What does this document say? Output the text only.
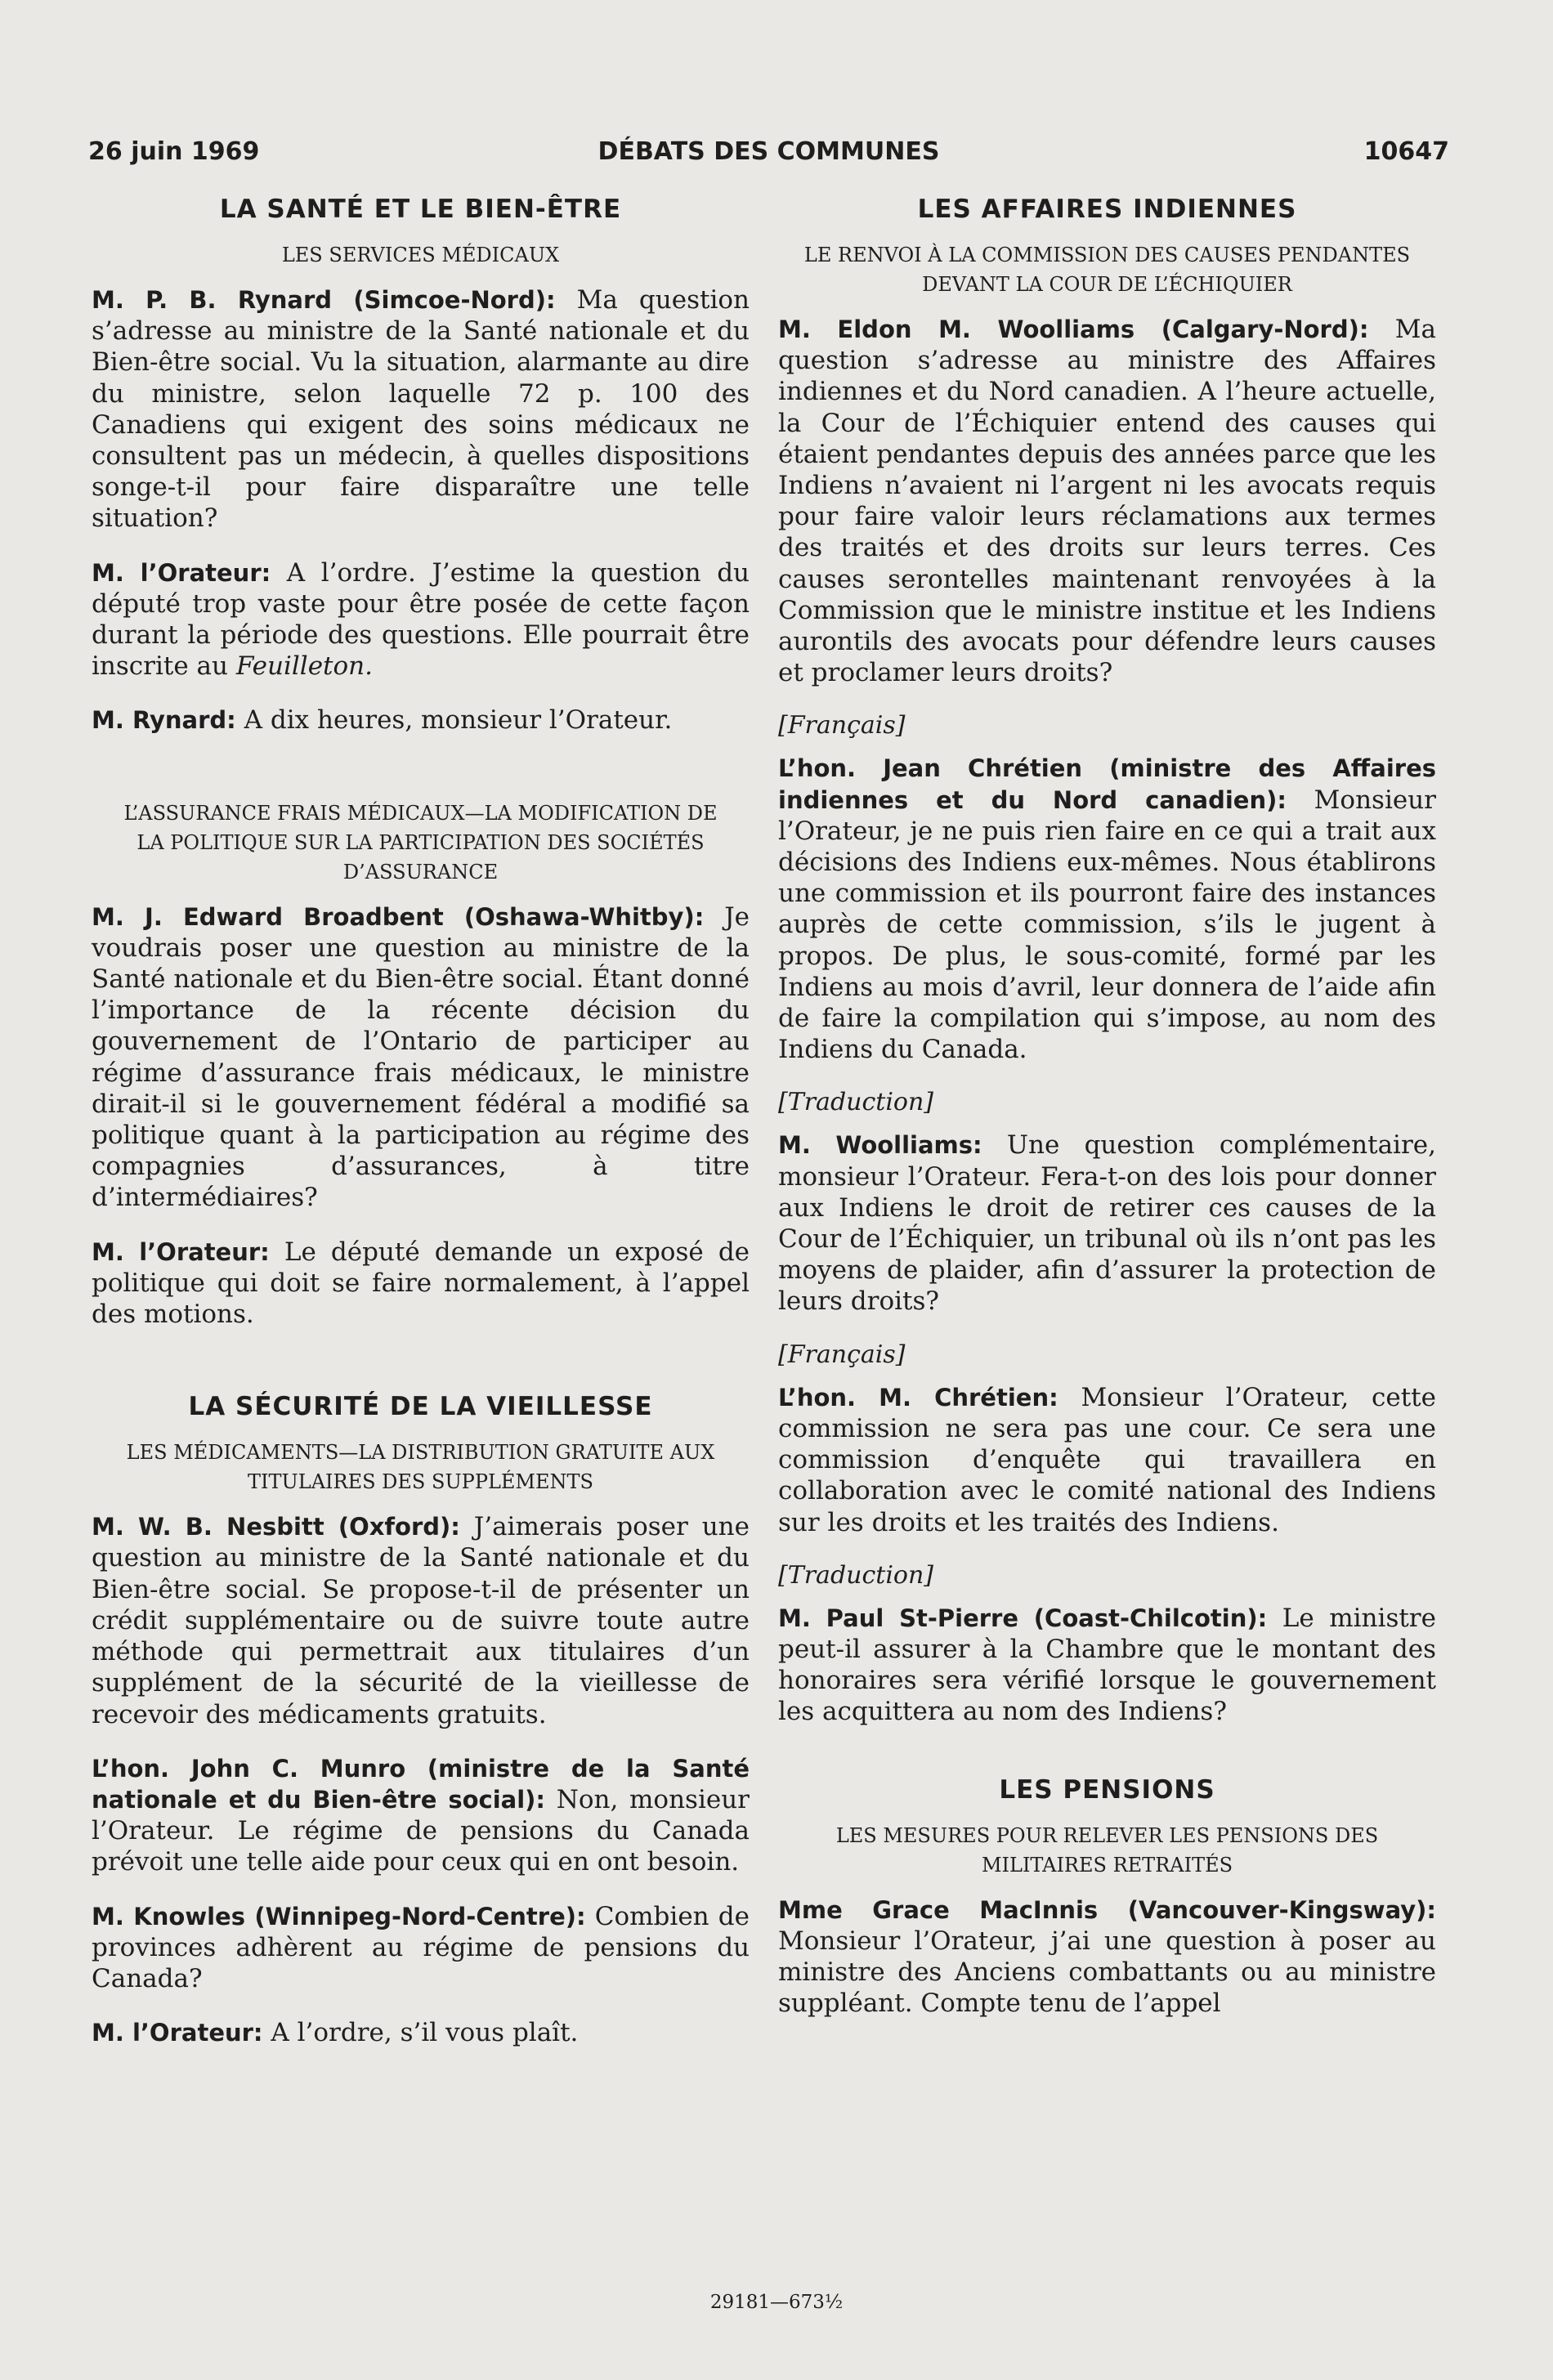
26 juin 1969	DÉBATS DES COMMUNES	10647
LA SANTÉ ET LE BIEN-ÊTRE
LES SERVICES MÉDICAUX
M. P. B. Rynard (Simcoe-Nord): Ma question s’adresse au ministre de la Santé nationale et du Bien-être social. Vu la situation, alarmante au dire du ministre, selon laquelle 72 p. 100 des Canadiens qui exigent des soins médicaux ne consultent pas un médecin, à quelles dispositions songe-t-il pour faire disparaître une telle situation?
M. l’Orateur: A l’ordre. J’estime la question du député trop vaste pour être posée de cette façon durant la période des questions. Elle pourrait être inscrite au Feuilleton.
M. Rynard: A dix heures, monsieur l’Orateur.
L’ASSURANCE FRAIS MÉDICAUX—LA MODIFICATION DE LA POLITIQUE SUR LA PARTICIPATION DES SOCIÉTÉS D’ASSURANCE
M. J. Edward Broadbent (Oshawa-Whitby): Je voudrais poser une question au ministre de la Santé nationale et du Bien-être social. Étant donné l’importance de la récente décision du gouvernement de l’Ontario de participer au régime d’assurance frais médicaux, le ministre dirait-il si le gouvernement fédéral a modifié sa politique quant à la participation au régime des compagnies d’assurances, à titre d’intermédiaires?
M. l’Orateur: Le député demande un exposé de politique qui doit se faire normalement, à l’appel des motions.
LA SÉCURITÉ DE LA VIEILLESSE
LES MÉDICAMENTS—LA DISTRIBUTION GRATUITE AUX TITULAIRES DES SUPPLÉMENTS
M. W. B. Nesbitt (Oxford): J’aimerais poser une question au ministre de la Santé nationale et du Bien-être social. Se propose-t-il de présenter un crédit supplémentaire ou de suivre toute autre méthode qui permettrait aux titulaires d’un supplément de la sécurité de la vieillesse de recevoir des médicaments gratuits.
L’hon. John C. Munro (ministre de la Santé nationale et du Bien-être social): Non, monsieur l’Orateur. Le régime de pensions du Canada prévoit une telle aide pour ceux qui en ont besoin.
M. Knowles (Winnipeg-Nord-Centre): Combien de provinces adhèrent au régime de pensions du Canada?
M. l’Orateur: A l’ordre, s’il vous plaît.
LES AFFAIRES INDIENNES
LE RENVOI À LA COMMISSION DES CAUSES PENDANTES DEVANT LA COUR DE L’ÉCHIQUIER
M. Eldon M. Woolliams (Calgary-Nord): Ma question s’adresse au ministre des Affaires indiennes et du Nord canadien. A l’heure actuelle, la Cour de l’Échiquier entend des causes qui étaient pendantes depuis des années parce que les Indiens n’avaient ni l’argent ni les avocats requis pour faire valoir leurs réclamations aux termes des traités et des droits sur leurs terres. Ces causes serontelles maintenant renvoyées à la Commission que le ministre institue et les Indiens aurontils des avocats pour défendre leurs causes et proclamer leurs droits?
[Français]
L’hon. Jean Chrétien (ministre des Affaires indiennes et du Nord canadien): Monsieur l’Orateur, je ne puis rien faire en ce qui a trait aux décisions des Indiens eux-mêmes. Nous établirons une commission et ils pourront faire des instances auprès de cette commission, s’ils le jugent à propos. De plus, le sous-comité, formé par les Indiens au mois d’avril, leur donnera de l’aide afin de faire la compilation qui s’impose, au nom des Indiens du Canada.
[Traduction]
M. Woolliams: Une question complémentaire, monsieur l’Orateur. Fera-t-on des lois pour donner aux Indiens le droit de retirer ces causes de la Cour de l’Échiquier, un tribunal où ils n’ont pas les moyens de plaider, afin d’assurer la protection de leurs droits?
[Français]
L’hon. M. Chrétien: Monsieur l’Orateur, cette commission ne sera pas une cour. Ce sera une commission d’enquête qui travaillera en collaboration avec le comité national des Indiens sur les droits et les traités des Indiens.
[Traduction]
M. Paul St-Pierre (Coast-Chilcotin): Le ministre peut-il assurer à la Chambre que le montant des honoraires sera vérifié lorsque le gouvernement les acquittera au nom des Indiens?
LES PENSIONS
LES MESURES POUR RELEVER LES PENSIONS DES MILITAIRES RETRAITÉS
Mme Grace MacInnis (Vancouver-Kingsway): Monsieur l’Orateur, j’ai une question à poser au ministre des Anciens combattants ou au ministre suppléant. Compte tenu de l’appel
29181—673½
